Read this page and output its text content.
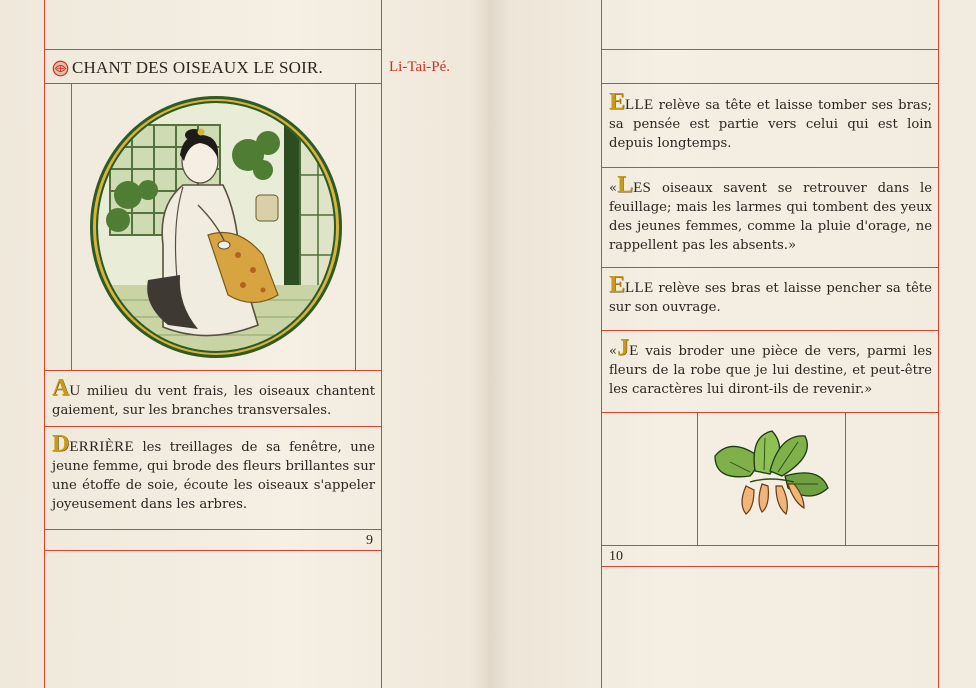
CHANT DES OISEAUX LE SOIR.	Li-Tai-Pé.
AU milieu du vent frais, les oiseaux chantent gaiement, sur les branches transversales.
DERRIÈRE les treillages de sa fenêtre, une jeune femme, qui brode des fleurs brillantes sur une étoffe de soie, écoute les oiseaux s'appeler joyeusement dans les arbres.
9
ELLE relève sa tête et laisse tomber ses bras; sa pensée est partie vers celui qui est loin depuis longtemps.
«LES oiseaux savent se retrouver dans le feuillage; mais les larmes qui tombent des yeux des jeunes femmes, comme la pluie d'orage, ne rappellent pas les absents.»
ELLE relève ses bras et laisse pencher sa tête sur son ouvrage.
«JE vais broder une pièce de vers, parmi les fleurs de la robe que je lui destine, et peut-être les caractères lui diront-ils de revenir.»
10
